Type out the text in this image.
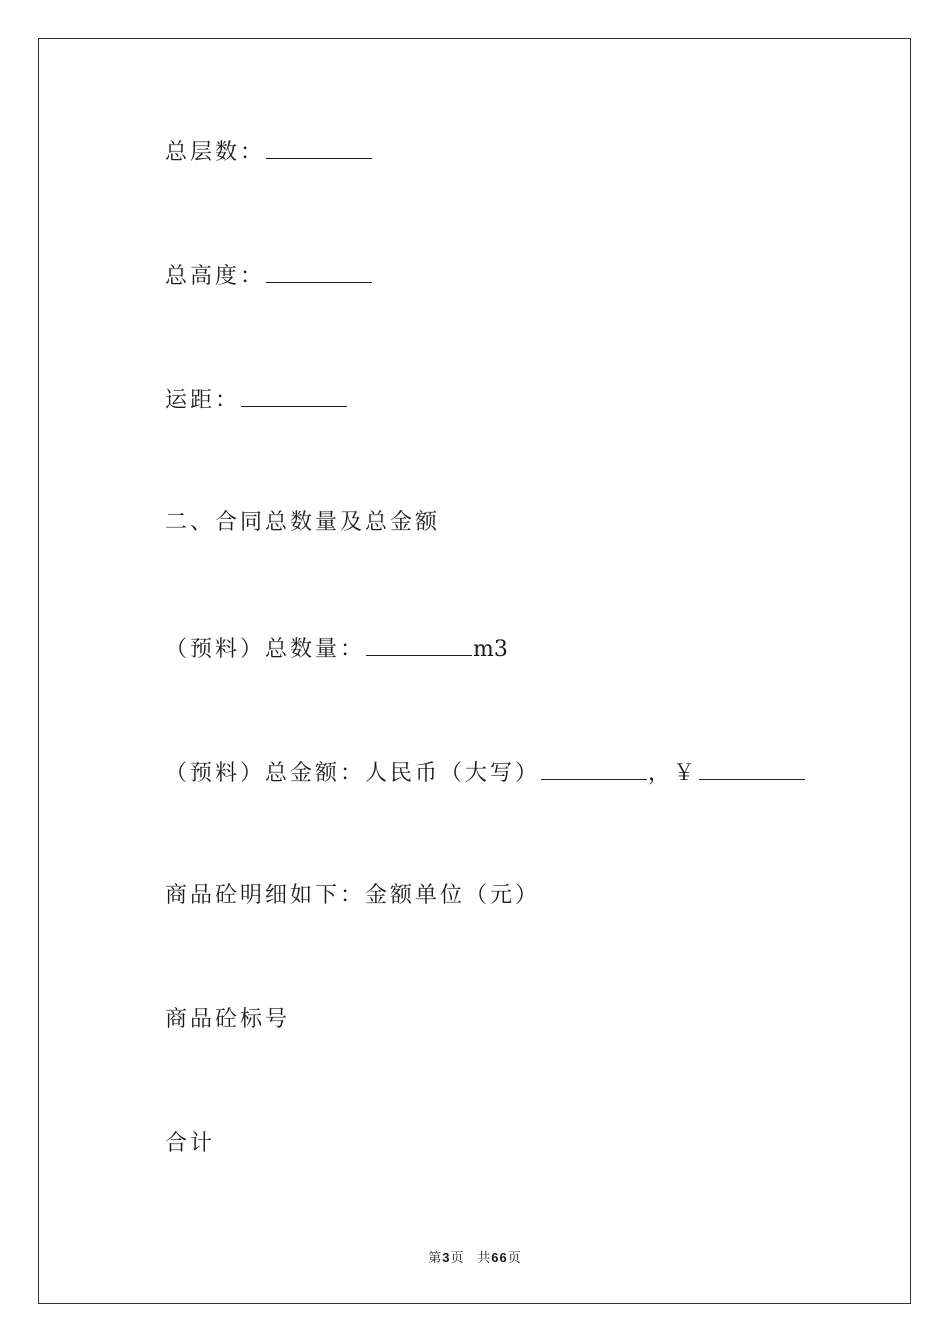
总层数：
总高度：
运距：
二、合同总数量及总金额
（预料）总数量：	m3
（预料）总金额：人民币（大写）	，￥
商品砼明细如下：金额单位（元）
商品砼标号
合计
第3页 共66页
